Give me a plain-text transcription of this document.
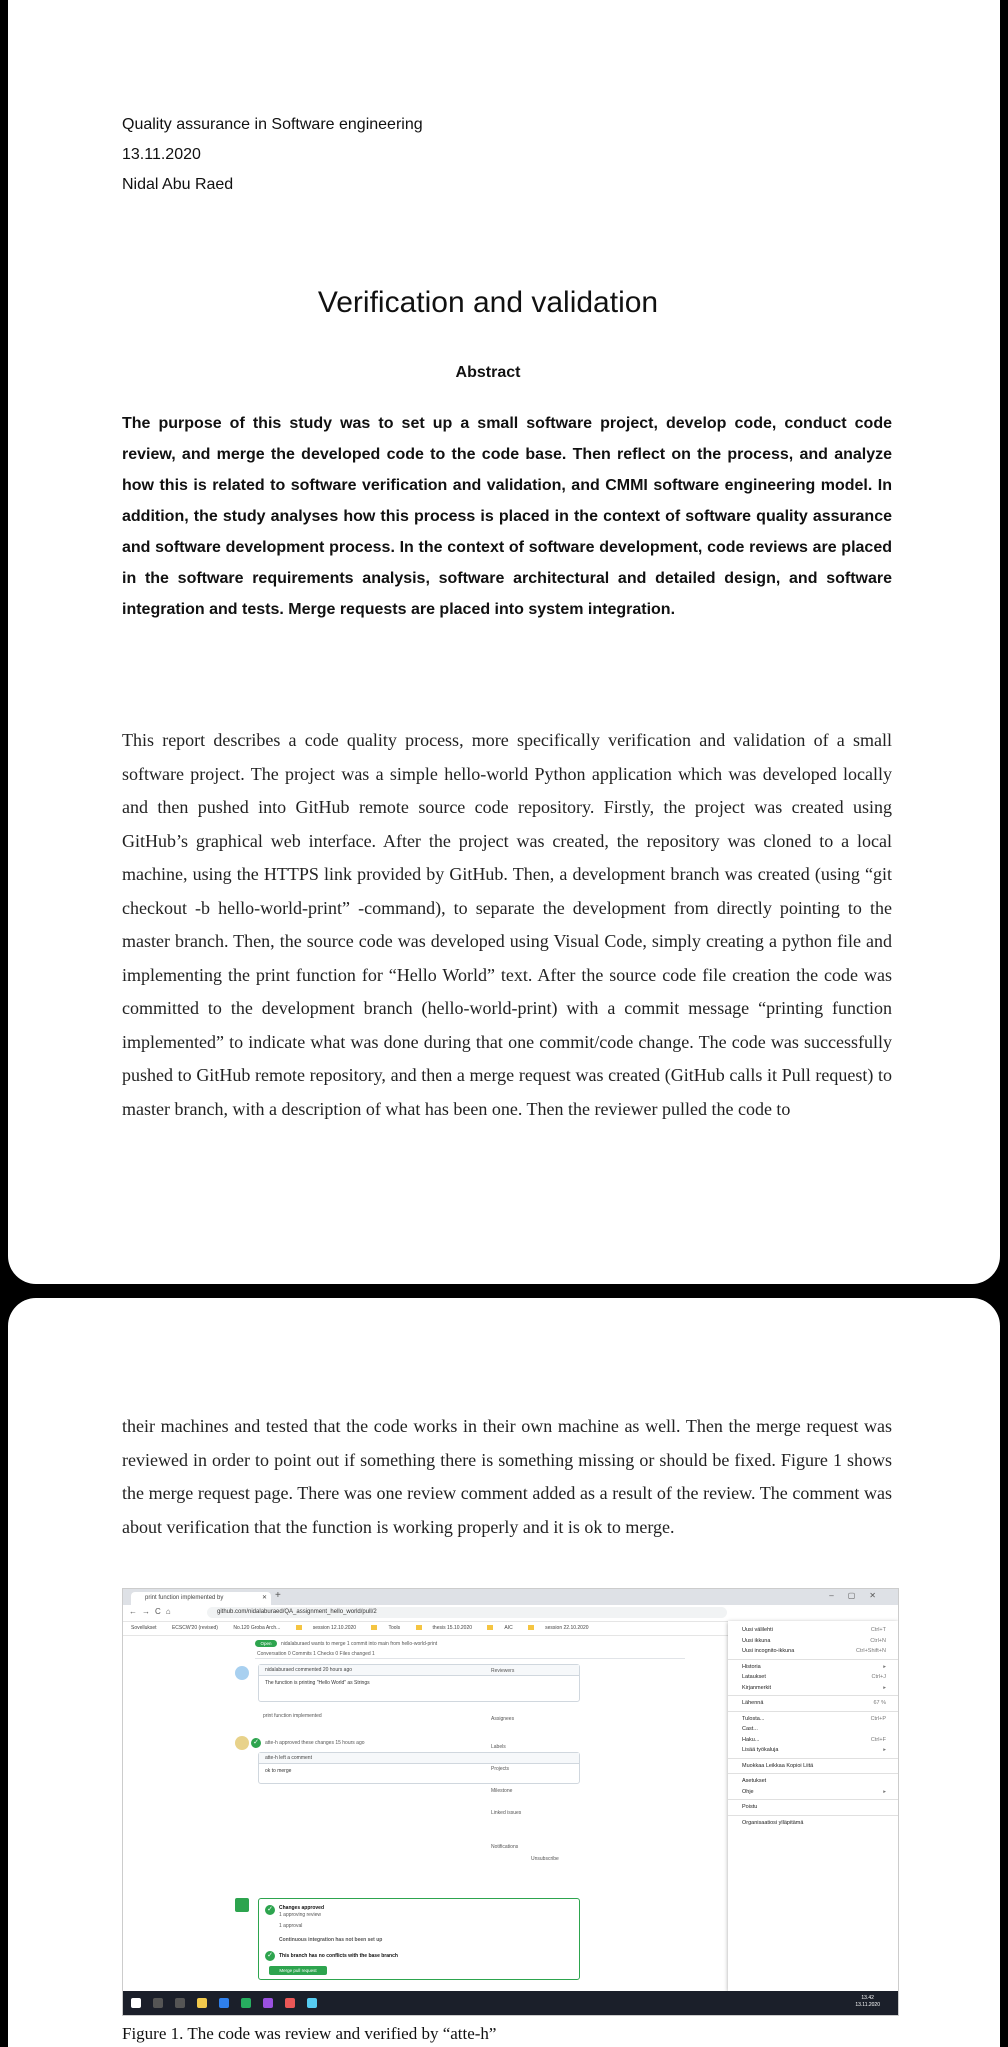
Quality assurance in Software engineering
13.11.2020
Nidal Abu Raed
Verification and validation
Abstract

The purpose of this study was to set up a small software project, develop code, conduct code review, and merge the developed code to the code base. Then reflect on the process, and analyze how this is related to software verification and validation, and CMMI software engineering model. In addition, the study analyses how this process is placed in the context of software quality assurance and software development process. In the context of software development, code reviews are placed in the software requirements analysis, software architectural and detailed design, and software integration and tests. Merge requests are placed into system integration.

This report describes a code quality process, more specifically verification and validation of a small software project. The project was a simple hello-world Python application which was developed locally and then pushed into GitHub remote source code repository. Firstly, the project was created using GitHub’s graphical web interface. After the project was created, the repository was cloned to a local machine, using the HTTPS link provided by GitHub. Then, a development branch was created (using “git checkout -b hello-world-print” -command), to separate the development from directly pointing to the master branch. Then, the source code was developed using Visual Code, simply creating a python file and implementing the print function for “Hello World” text. After the source code file creation the code was committed to the development branch (hello-world-print) with a commit message “printing function implemented” to indicate what was done during that one commit/code change. The code was successfully pushed to GitHub remote repository, and then a merge request was created (GitHub calls it Pull request) to master branch, with a description of what has been one. Then the reviewer pulled the code to

their machines and tested that the code works in their own machine as well. Then the merge request was reviewed in order to point out if something there is something missing or should be fixed. Figure 1 shows the merge request page. There was one review comment added as a result of the review. The comment was about verification that the function is working properly and it is ok to merge.

print function implemented by	✕ +	–▢✕
←→C⌂	github.com/nidalaburaed/QA_assignment_hello_world/pull/2
Sovellukset	ECSCW'20 (revised)	No.120 Groba Arch...	session 12.10.2020	Tools	thesis 15.10.2020	AIC	session 22.10.2020
Open	nidalaburaed wants to merge 1 commit into main from hello-world-print
Conversation 0 Commits 1 Checks 0 Files changed 1
nidalaburaed commented 20 hours ago
The function is printing "Hello World" as Strings
print function implemented
✓	atte-h approved these changes 15 hours ago
atte-h left a comment
ok to merge
✓	Changes approved
1 approving review
1 approval
Continuous integration has not been set up
✓	This branch has no conflicts with the base branch
Merge pull request
Reviewers
Assignees
Labels
Projects
Milestone
Linked issues
Notifications
Unsubscribe
Uusi välilehti	Ctrl+T
Uusi ikkuna	Ctrl+N
Uusi incognito-ikkuna	Ctrl+Shift+N
Historia	▸
Lataukset	Ctrl+J
Kirjanmerkit	▸
Lähennä	67 %
Tulosta...	Ctrl+P
Cast...
Haku...	Ctrl+F
Lisää työkaluja	▸
Muokkaa Leikkaa Kopioi Liitä
Asetukset
Ohje	▸
Poistu
Organisaatiosi ylläpitämä
13.42
13.11.2020
Figure 1. The code was review and verified by “atte-h”
